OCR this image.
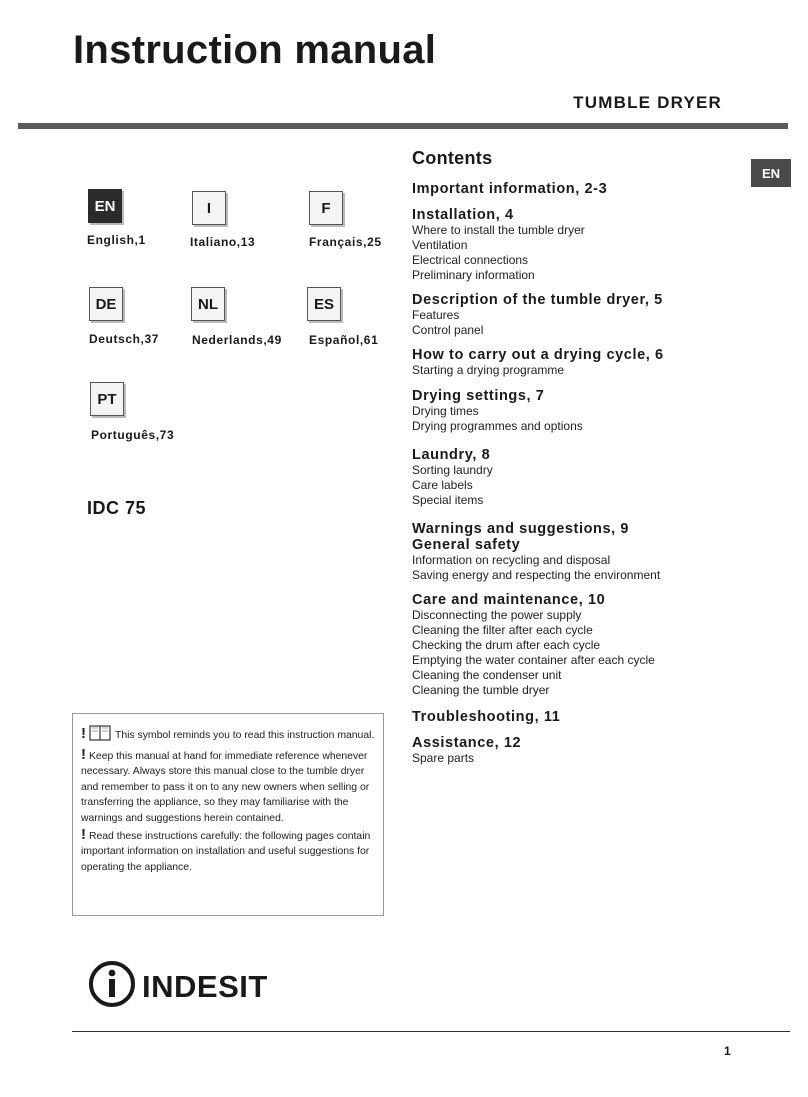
Instruction manual
TUMBLE DRYER
EN
EN
English,1
I
Italiano,13
F
Français,25
DE
Deutsch,37
NL
Nederlands,49
ES
Español,61
PT
Português,73
IDC 75
Contents
Important information, 2-3
Installation, 4
Where to install the tumble dryer
Ventilation
Electrical connections
Preliminary information
Description of the tumble dryer, 5
Features
Control panel
How to carry out a drying cycle, 6
Starting a drying programme
Drying settings, 7
Drying times
Drying programmes and options
Laundry, 8
Sorting laundry
Care labels
Special items
Warnings and suggestions, 9
General safety
Information on recycling and disposal
Saving energy and respecting the environment
Care and maintenance, 10
Disconnecting the power supply
Cleaning the filter after each cycle
Checking the drum after each cycle
Emptying the water container after each cycle
Cleaning the condenser unit
Cleaning the tumble dryer
Troubleshooting, 11
Assistance, 12
Spare parts
!	This symbol reminds you to read this instruction manual.
! Keep this manual at hand for immediate reference whenever necessary. Always store this manual close to the tumble dryer and remember to pass it on to any new owners when selling or transferring the appliance, so they may familiarise with the warnings and suggestions herein contained.
! Read these instructions carefully: the following pages contain important information on installation and useful suggestions for operating the appliance.
INDESIT
1
